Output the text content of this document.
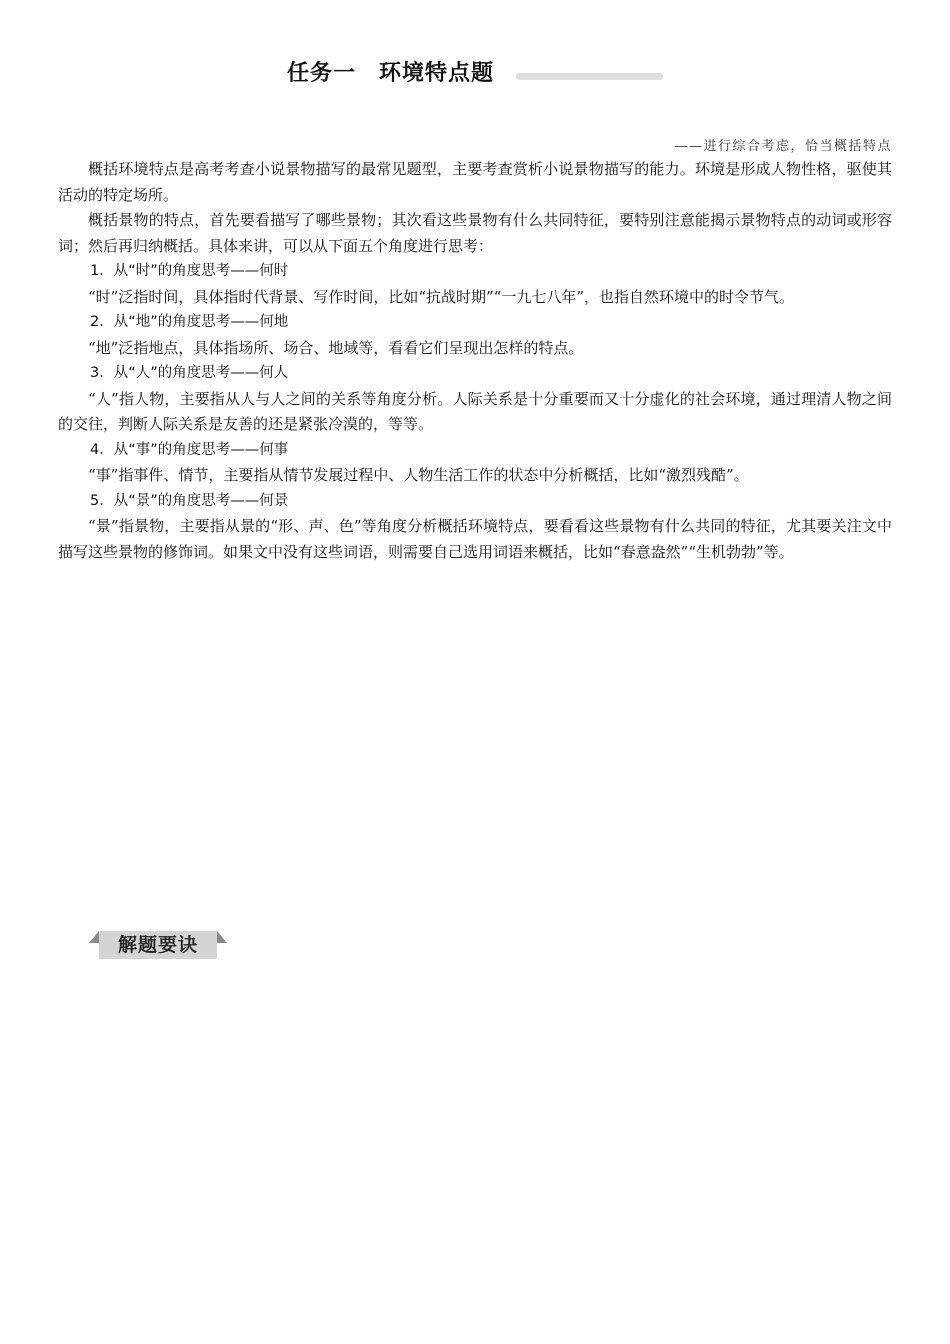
任务一　环境特点题
——进行综合考虑，恰当概括特点

概括环境特点是高考考查小说景物描写的最常见题型，主要考查赏析小说景物描写的能力。环境是形成人物性格，驱使其活动的特定场所。

概括景物的特点，首先要看描写了哪些景物；其次看这些景物有什么共同特征，要特别注意能揭示景物特点的动词或形容词；然后再归纳概括。具体来讲，可以从下面五个角度进行思考：

1．从“时”的角度思考——何时

“时”泛指时间，具体指时代背景、写作时间，比如“抗战时期”“一九七八年”，也指自然环境中的时令节气。

2．从“地”的角度思考——何地

“地”泛指地点，具体指场所、场合、地域等，看看它们呈现出怎样的特点。

3．从“人”的角度思考——何人

“人”指人物，主要指从人与人之间的关系等角度分析。人际关系是十分重要而又十分虚化的社会环境，通过理清人物之间的交往，判断人际关系是友善的还是紧张冷漠的，等等。

4．从“事”的角度思考——何事

“事”指事件、情节，主要指从情节发展过程中、人物生活工作的状态中分析概括，比如“激烈残酷”。

5．从“景”的角度思考——何景

“景”指景物，主要指从景的“形、声、色”等角度分析概括环境特点，要看看这些景物有什么共同的特征，尤其要关注文中描写这些景物的修饰词。如果文中没有这些词语，则需要自己选用词语来概括，比如“春意盎然”“生机勃勃”等。

解题要诀
